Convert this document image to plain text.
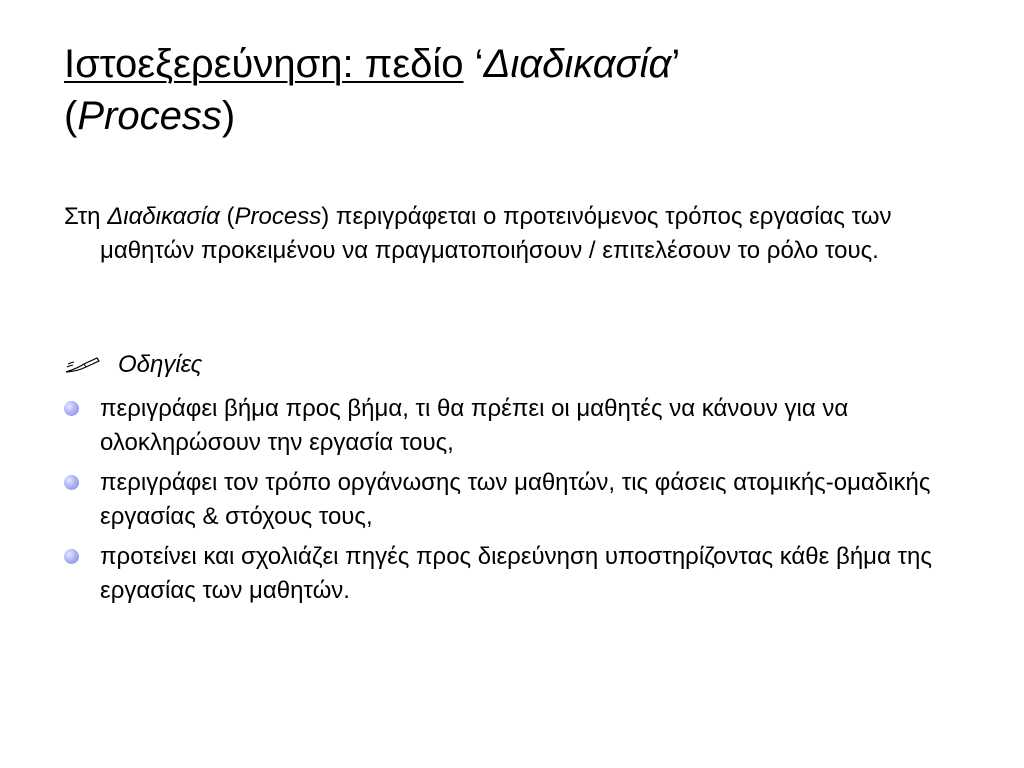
Ιστοεξερεύνηση: πεδίο ‘Διαδικασία’
(Process)

Στη Διαδικασία (Process) περιγράφεται ο προτεινόμενος τρόπος εργασίας των μαθητών προκειμένου να πραγματοποιήσουν / επιτελέσουν το ρόλο τους.

Οδηγίες
περιγράφει βήμα προς βήμα, τι θα πρέπει οι μαθητές να κάνουν για να ολοκληρώσουν την εργασία τους,
περιγράφει τον τρόπο οργάνωσης των μαθητών, τις φάσεις ατομικής-ομαδικής εργασίας & στόχους τους,
προτείνει και σχολιάζει πηγές προς διερεύνηση υποστηρίζοντας κάθε βήμα της εργασίας των μαθητών.
